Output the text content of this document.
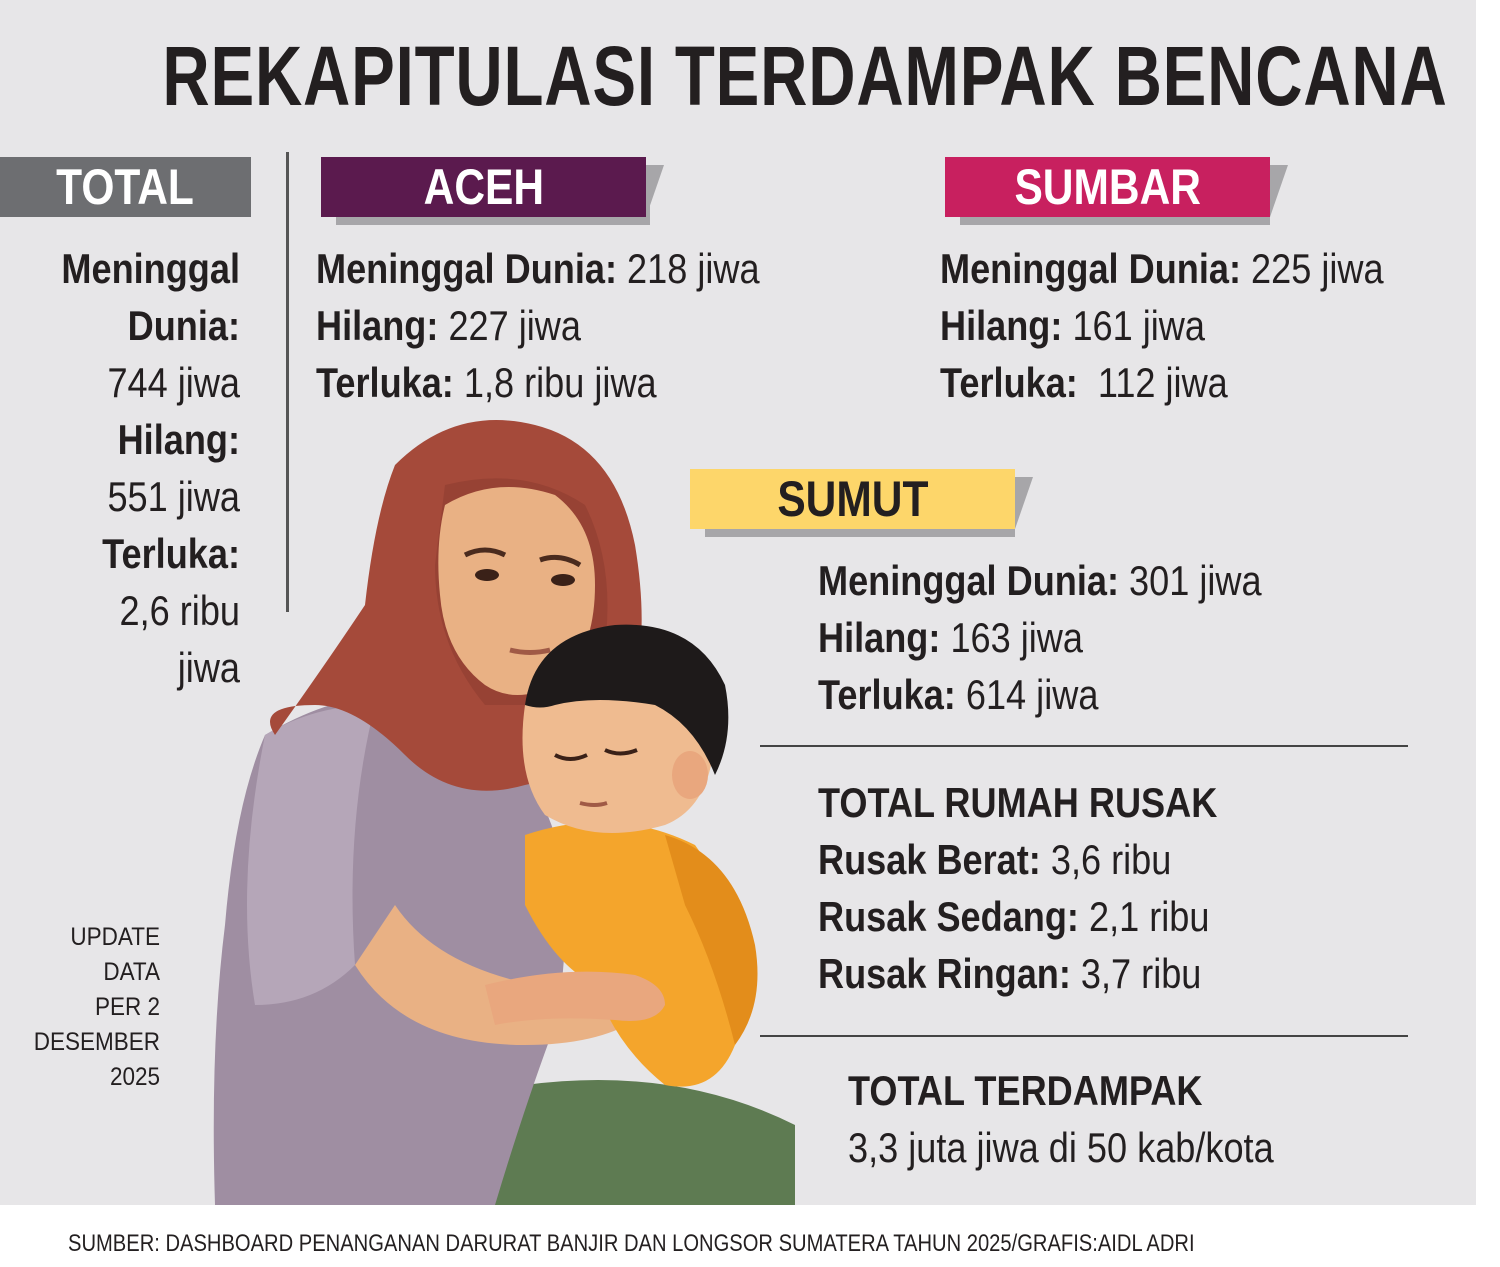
REKAPITULASI TERDAMPAK BENCANA
TOTAL
Meninggal
Dunia:
744 jiwa
Hilang:
551 jiwa
Terluka:
2,6 ribu
jiwa
ACEH
Meninggal Dunia: 218 jiwa
Hilang: 227 jiwa
Terluka: 1,8 ribu jiwa
SUMBAR
Meninggal Dunia: 225 jiwa
Hilang: 161 jiwa
Terluka: 112 jiwa
SUMUT
Meninggal Dunia: 301 jiwa
Hilang: 163 jiwa
Terluka: 614 jiwa
TOTAL RUMAH RUSAK
Rusak Berat: 3,6 ribu
Rusak Sedang: 2,1 ribu
Rusak Ringan: 3,7 ribu
TOTAL TERDAMPAK
3,3 juta jiwa di 50 kab/kota
UPDATE
DATA
PER 2
DESEMBER
2025
SUMBER: DASHBOARD PENANGANAN DARURAT BANJIR DAN LONGSOR SUMATERA TAHUN 2025/GRAFIS:AIDL ADRI
